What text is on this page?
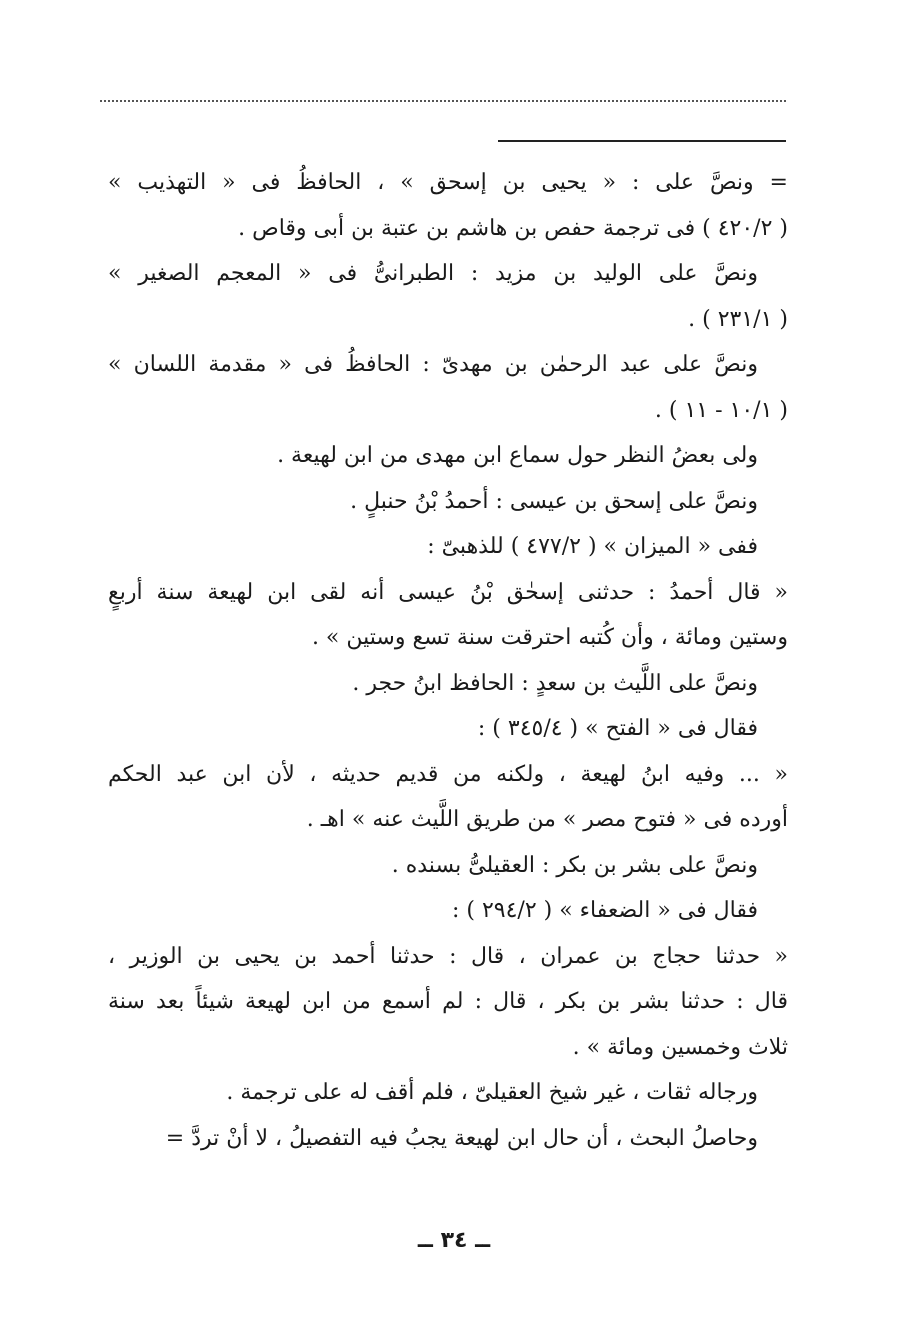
= ونصَّ على : « يحيى بن إسحق » ، الحافظُ فى « التهذيب »
( ٤٢٠/٢ ) فى ترجمة حفص بن هاشم بن عتبة بن أبى وقاص .
ونصَّ على الوليد بن مزيد : الطبرانىُّ فى « المعجم الصغير »
( ٢٣١/١ ) .
ونصَّ على عبد الرحمٰن بن مهدىّ : الحافظُ فى « مقدمة اللسان »
( ١٠/١ - ١١ ) .
ولى بعضُ النظر حول سماع ابن مهدى من ابن لهيعة .
ونصَّ على إسحق بن عيسى : أحمدُ بْنُ حنبلٍ .
ففى « الميزان » ( ٤٧٧/٢ ) للذهبىّ :
« قال أحمدُ : حدثنى إسحٰق بْنُ عيسى أنه لقى ابن لهيعة سنة أربعٍ
وستين ومائة ، وأن كُتبه احترقت سنة تسع وستين » .
ونصَّ على اللَّيث بن سعدٍ : الحافظ ابنُ حجر .
فقال فى « الفتح » ( ٣٤٥/٤ ) :
« ... وفيه ابنُ لهيعة ، ولكنه من قديم حديثه ، لأن ابن عبد الحكم
أورده فى « فتوح مصر » من طريق اللَّيث عنه » اهـ .
ونصَّ على بشر بن بكر : العقيلىُّ بسنده .
فقال فى « الضعفاء » ( ٢٩٤/٢ ) :
« حدثنا حجاج بن عمران ، قال : حدثنا أحمد بن يحيى بن الوزير ،
قال : حدثنا بشر بن بكر ، قال : لم أسمع من ابن لهيعة شيئاً بعد سنة
ثلاث وخمسين ومائة » .
ورجاله ثقات ، غير شيخ العقيلىّ ، فلم أقف له على ترجمة .
وحاصلُ البحث ، أن حال ابن لهيعة يجبُ فيه التفصيلُ ، لا أنْ تردَّ =
ــ ٣٤ ــ
